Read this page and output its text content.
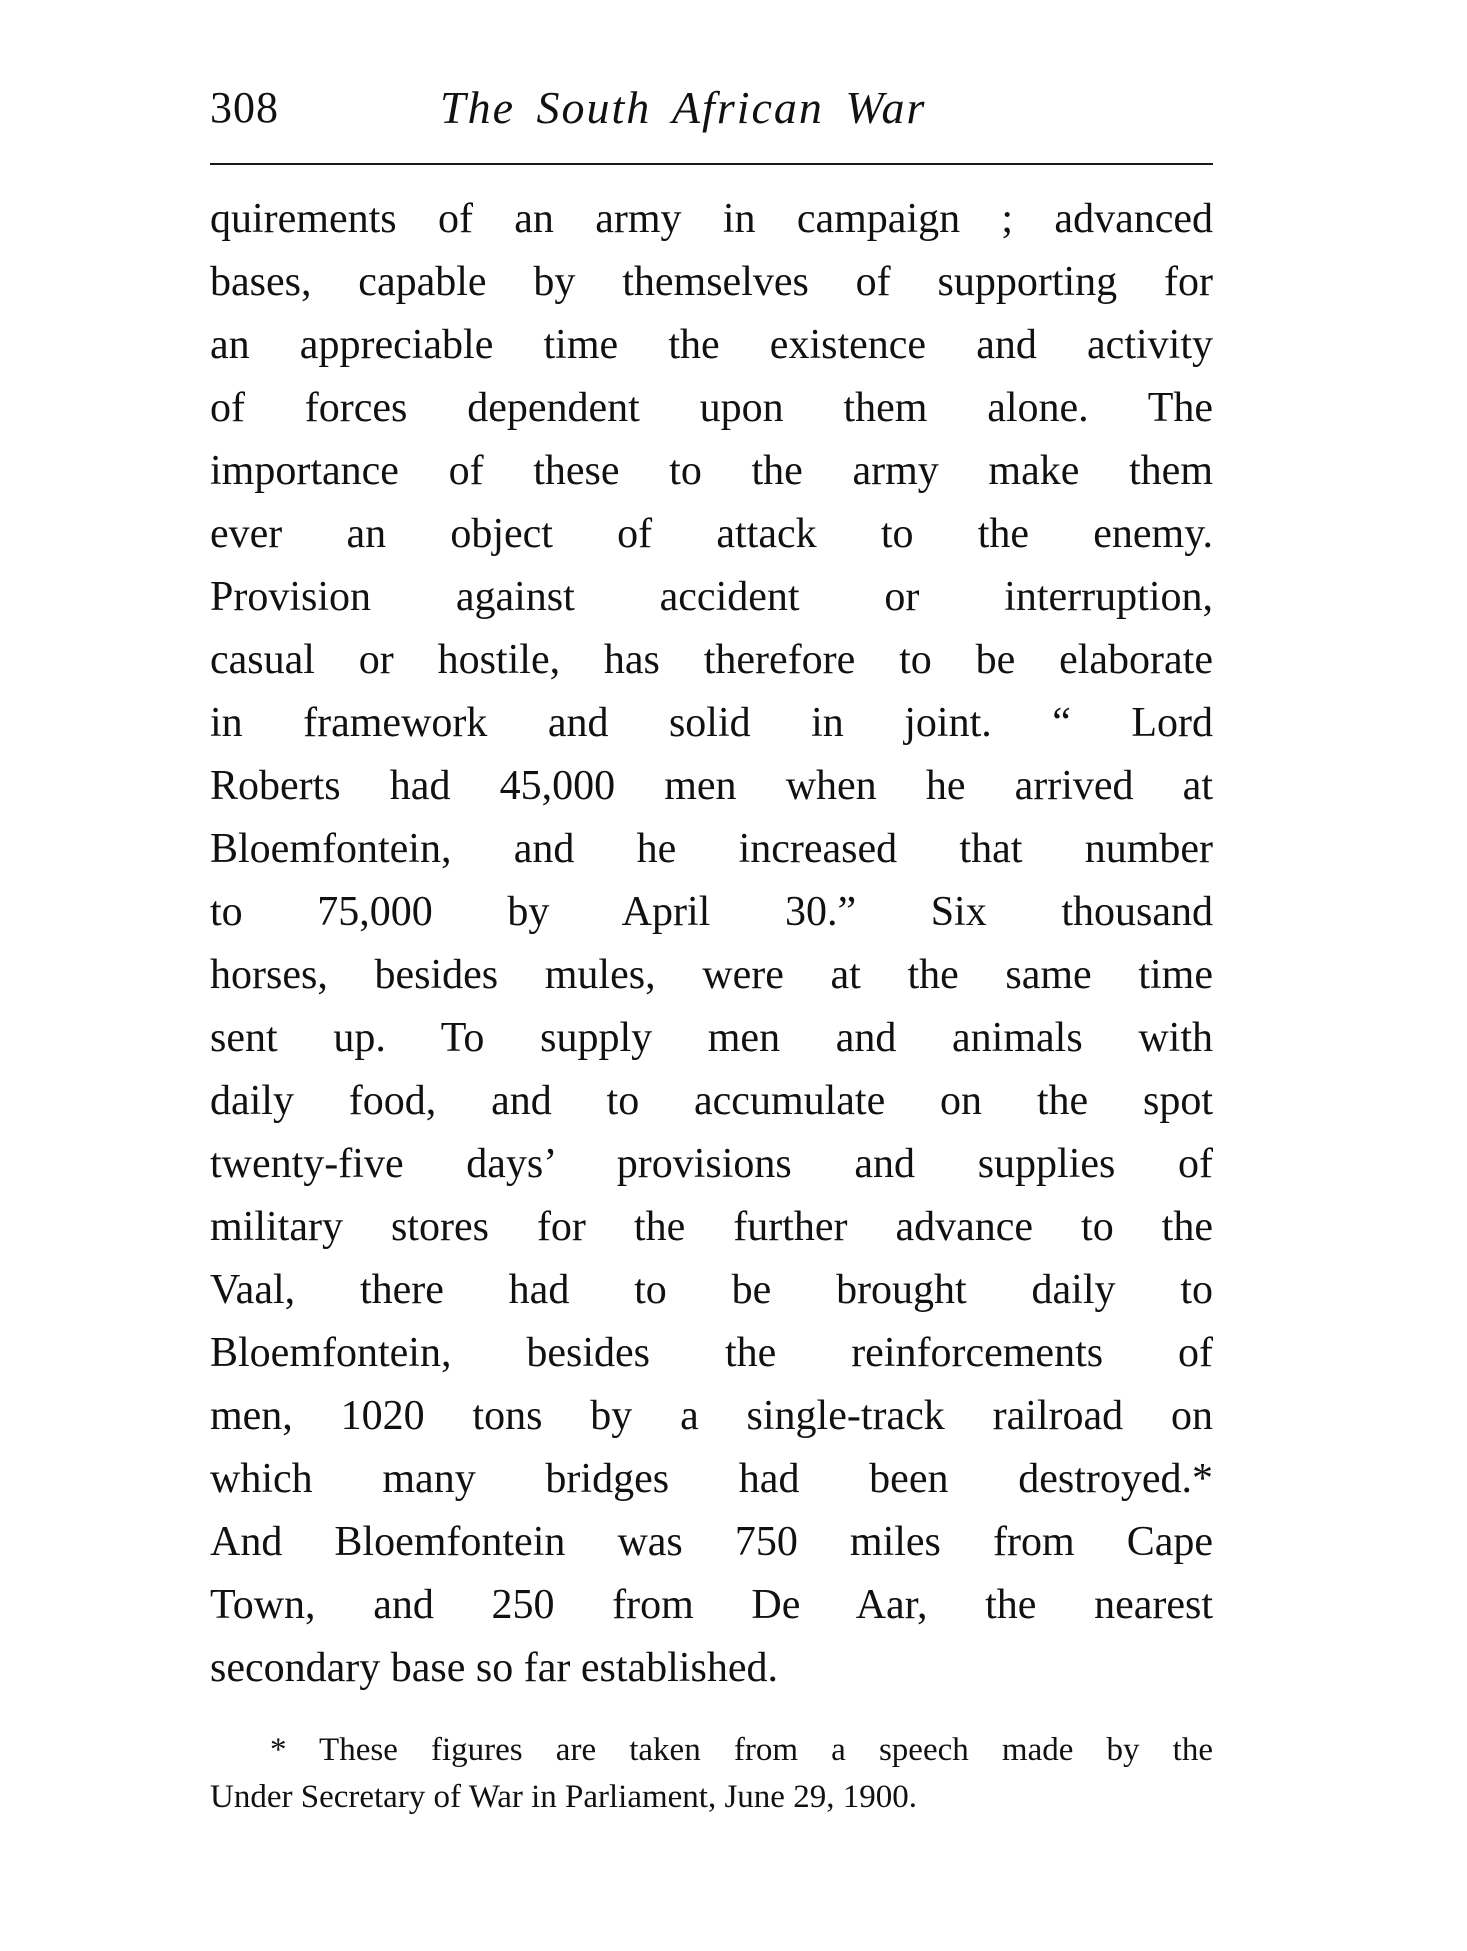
308	The South African War

quirements of an army in campaign ; advanced
bases, capable by themselves of supporting for
an appreciable time the existence and activity
of forces dependent upon them alone. The
importance of these to the army make them
ever an object of attack to the enemy.
Provision against accident or interruption,
casual or hostile, has therefore to be elaborate
in framework and solid in joint. “ Lord
Roberts had 45,000 men when he arrived at
Bloemfontein, and he increased that number
to 75,000 by April 30.” Six thousand
horses, besides mules, were at the same time
sent up. To supply men and animals with
daily food, and to accumulate on the spot
twenty-five days’ provisions and supplies of
military stores for the further advance to the
Vaal, there had to be brought daily to
Bloemfontein, besides the reinforcements of
men, 1020 tons by a single-track railroad on
which many bridges had been destroyed.*
And Bloemfontein was 750 miles from Cape
Town, and 250 from De Aar, the nearest
secondary base so far established.

* These figures are taken from a speech made by the
Under Secretary of War in Parliament, June 29, 1900.
